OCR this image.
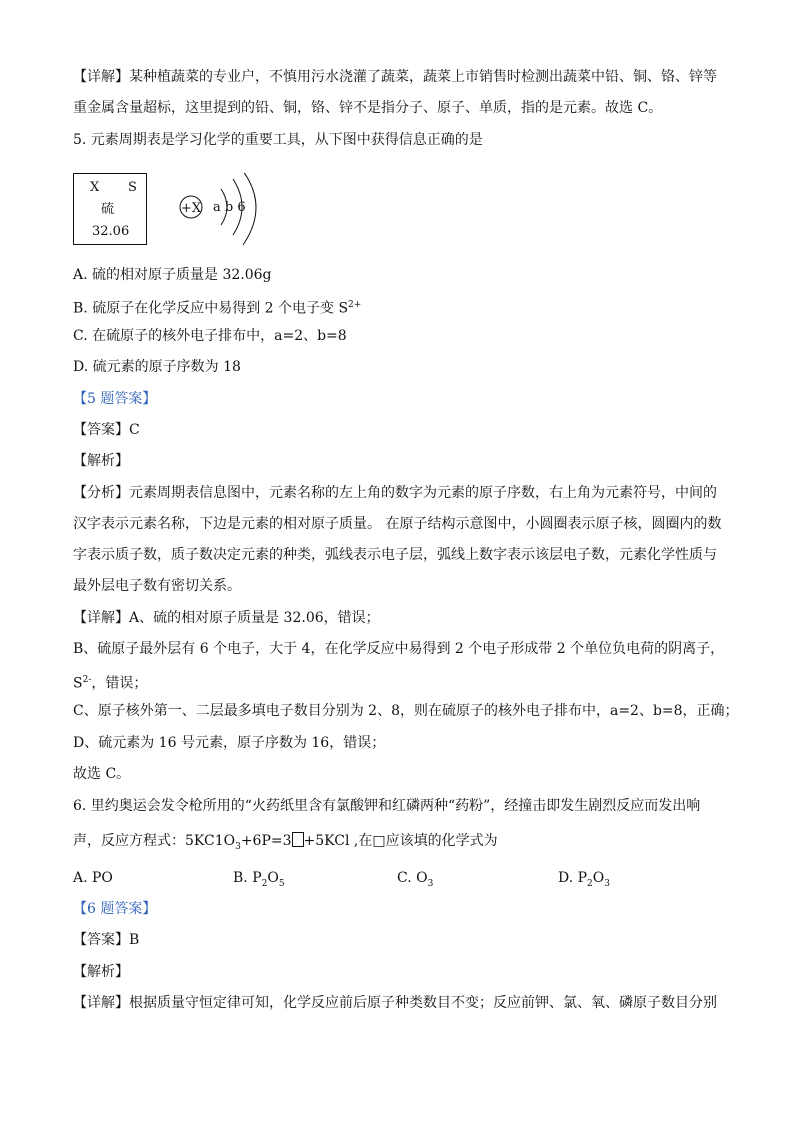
【详解】某种植蔬菜的专业户，不慎用污水浇灌了蔬菜，蔬菜上市销售时检测出蔬菜中铅、铜、铬、锌等
重金属含量超标，这里提到的铅、铜，铬、锌不是指分子、原子、单质，指的是元素。故选 C。
5. 元素周期表是学习化学的重要工具，从下图中获得信息正确的是
X S
硫
32.06
+X a b 6
A. 硫的相对原子质量是 32.06g
B. 硫原子在化学反应中易得到 2 个电子变 $S^{2+}$
C. 在硫原子的核外电子排布中，a=2、b=8
D. 硫元素的原子序数为 18
【5 题答案】
【答案】C
【解析】
【分析】元素周期表信息图中，元素名称的左上角的数字为元素的原子序数，右上角为元素符号，中间的
汉字表示元素名称，下边是元素的相对原子质量。 在原子结构示意图中，小圆圈表示原子核，圆圈内的数
字表示质子数，质子数决定元素的种类，弧线表示电子层，弧线上数字表示该层电子数，元素化学性质与
最外层电子数有密切关系。
【详解】A、硫的相对原子质量是 32.06，错误；
B、硫原子最外层有 6 个电子，大于 4，在化学反应中易得到 2 个电子形成带 2 个单位负电荷的阴离子，
$S^{2-}$，错误；
C、原子核外第一、二层最多填电子数目分别为 2、8，则在硫原子的核外电子排布中，a=2、b=8，正确；
D、硫元素为 16 号元素，原子序数为 16，错误；
故选 C。
6. 里约奥运会发令枪所用的“火药纸里含有氯酸钾和红磷两种“药粉”，经撞击即发生剧烈反应而发出响
声，反应方程式：$5KC1O_3+6P=3 +5KCl$ ,在□应该填的化学式为
A. PO	B. $P_2O_5$	C. $O_3$	D. $P_2O_3$
【6 题答案】
【答案】B
【解析】
【详解】根据质量守恒定律可知，化学反应前后原子种类数目不变；反应前钾、氯、氧、磷原子数目分别
